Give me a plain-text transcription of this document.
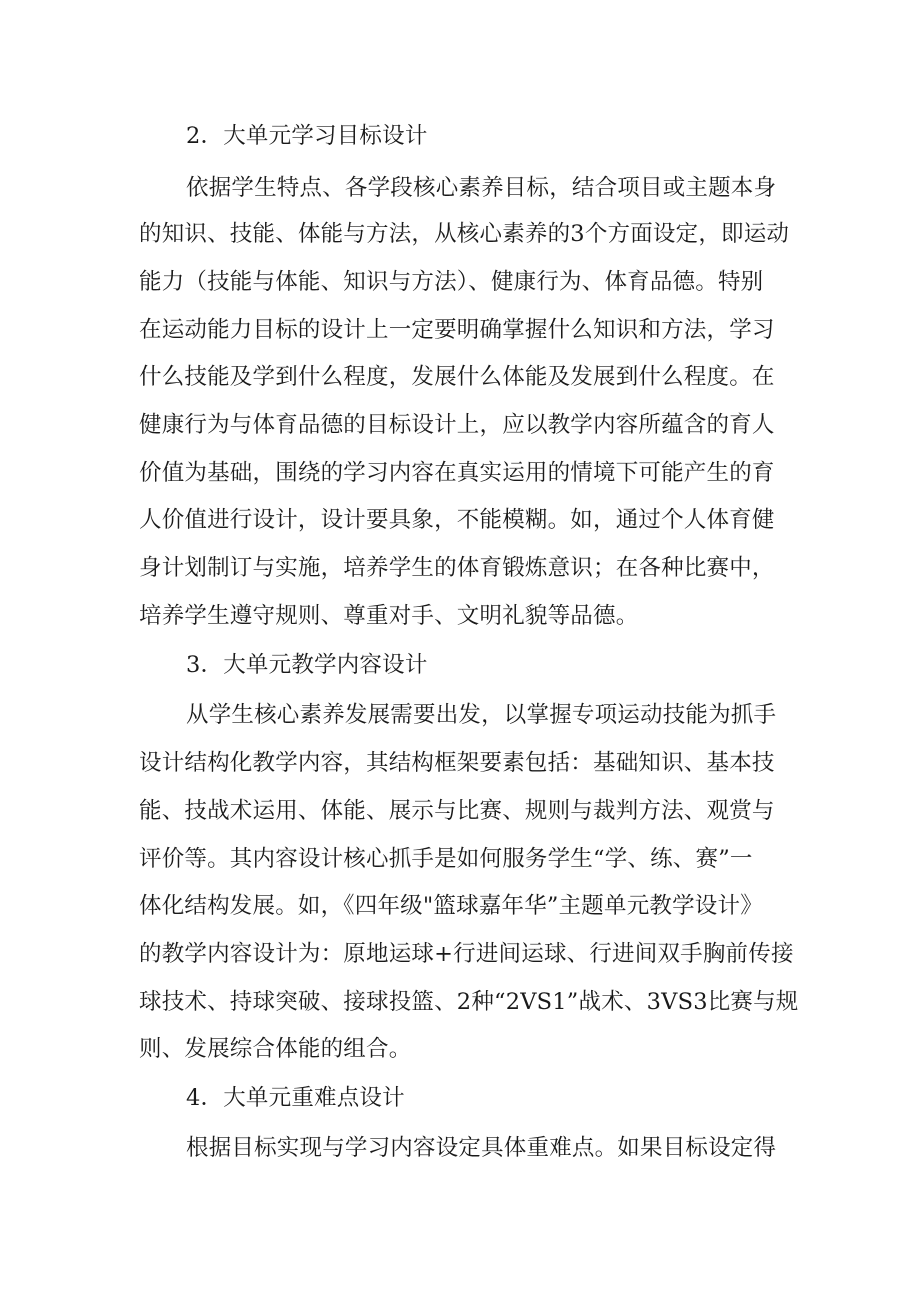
2．大单元学习目标设计
依据学生特点、各学段核心素养目标，结合项目或主题本身
的知识、技能、体能与方法，从核心素养的3个方面设定，即运动
能力（技能与体能、知识与方法）、健康行为、体育品德。特别
在运动能力目标的设计上一定要明确掌握什么知识和方法，学习
什么技能及学到什么程度，发展什么体能及发展到什么程度。在
健康行为与体育品德的目标设计上，应以教学内容所蕴含的育人
价值为基础，围绕的学习内容在真实运用的情境下可能产生的育
人价值进行设计，设计要具象，不能模糊。如，通过个人体育健
身计划制订与实施，培养学生的体育锻炼意识；在各种比赛中，
培养学生遵守规则、尊重对手、文明礼貌等品德。
3．大单元教学内容设计
从学生核心素养发展需要出发，以掌握专项运动技能为抓手
设计结构化教学内容，其结构框架要素包括：基础知识、基本技
能、技战术运用、体能、展示与比赛、规则与裁判方法、观赏与
评价等。其内容设计核心抓手是如何服务学生“学、练、赛”一
体化结构发展。如，《四年级"篮球嘉年华”主题单元教学设计》
的教学内容设计为：原地运球+行进间运球、行进间双手胸前传接
球技术、持球突破、接球投篮、2种“2VS1”战术、3VS3比赛与规
则、发展综合体能的组合。
4．大单元重难点设计
根据目标实现与学习内容设定具体重难点。如果目标设定得
